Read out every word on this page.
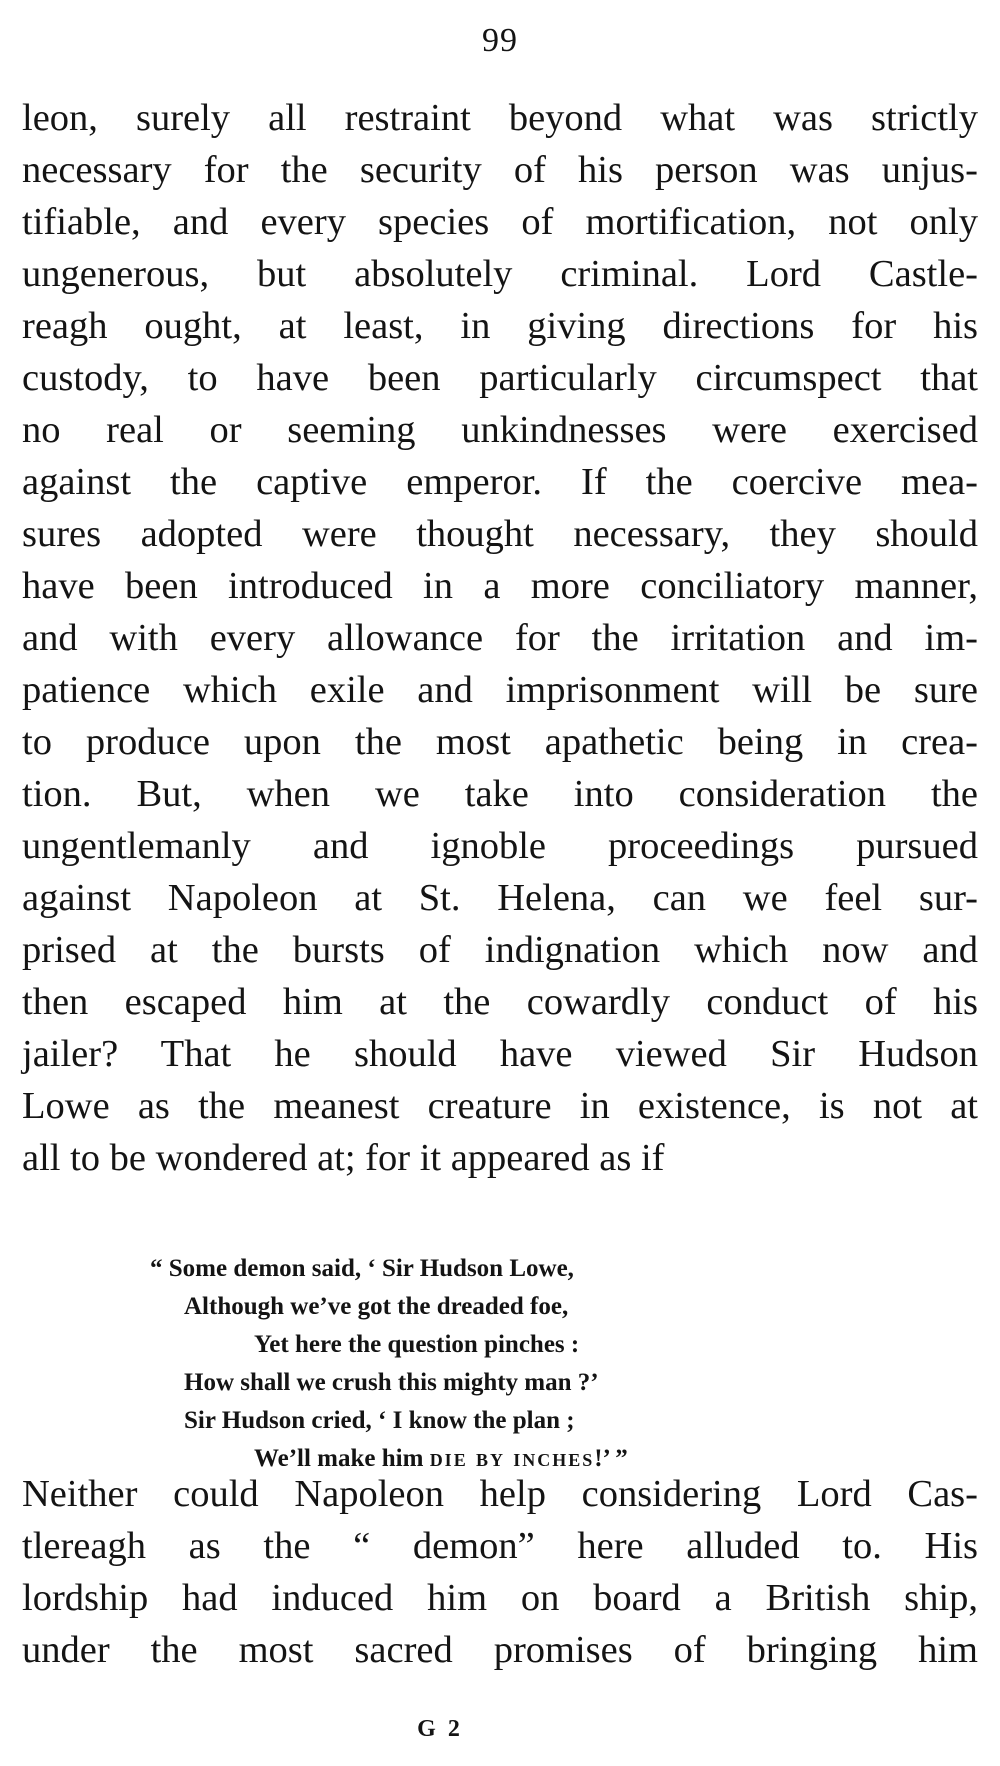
99
leon, surely all restraint beyond what was strictly
necessary for the security of his person was unjus-
tifiable, and every species of mortification, not only
ungenerous, but absolutely criminal. Lord Castle-
reagh ought, at least, in giving directions for his
custody, to have been particularly circumspect that
no real or seeming unkindnesses were exercised
against the captive emperor. If the coercive mea-
sures adopted were thought necessary, they should
have been introduced in a more conciliatory manner,
and with every allowance for the irritation and im-
patience which exile and imprisonment will be sure
to produce upon the most apathetic being in crea-
tion. But, when we take into consideration the
ungentlemanly and ignoble proceedings pursued
against Napoleon at St. Helena, can we feel sur-
prised at the bursts of indignation which now and
then escaped him at the cowardly conduct of his
jailer? That he should have viewed Sir Hudson
Lowe as the meanest creature in existence, is not at
all to be wondered at; for it appeared as if
“ Some demon said, ‘ Sir Hudson Lowe,
Although we’ve got the dreaded foe,
Yet here the question pinches :
How shall we crush this mighty man ?’
Sir Hudson cried, ‘ I know the plan ;
We’ll make him die by inches!’ ”
Neither could Napoleon help considering Lord Cas-
tlereagh as the “ demon” here alluded to. His
lordship had induced him on board a British ship,
under the most sacred promises of bringing him
G 2
